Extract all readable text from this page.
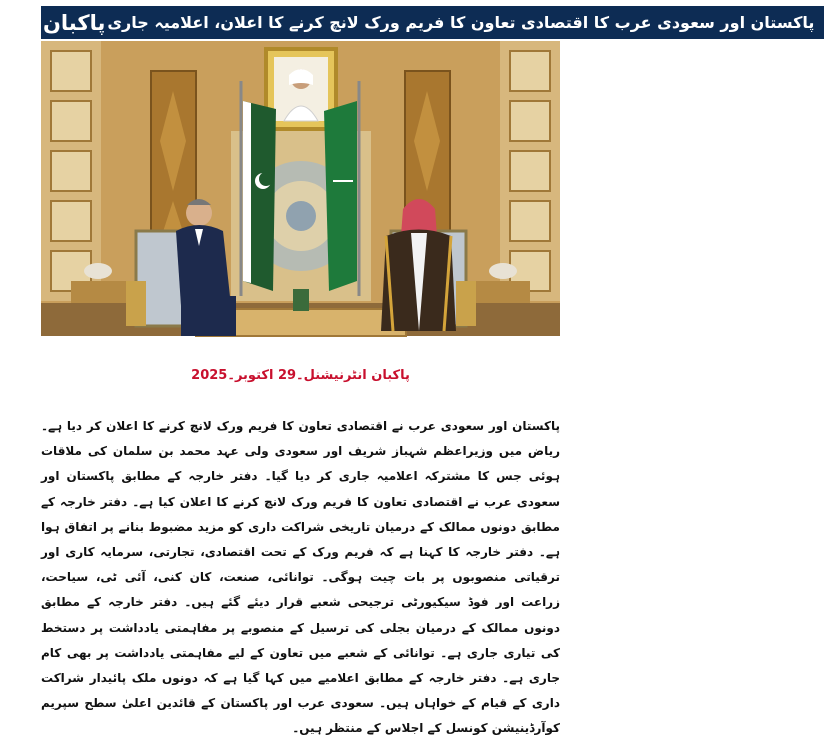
پاکبان پاکستان اور سعودی عرب کا اقتصادی تعاون کا فریم ورک لانچ کرنے کا اعلان، اعلامیہ جاری
پاکبان انٹرنیشنل۔29 اکتوبر۔2025
پاکستان اور سعودی عرب نے اقتصادی تعاون کا فریم ورک لانچ کرنے کا اعلان کر دیا ہے۔ ریاض میں وزیراعظم شہباز شریف اور سعودی ولی عہد محمد بن سلمان کی ملاقات ہوئی جس کا مشترکہ اعلامیہ جاری کر دیا گیا۔ دفتر خارجہ کے مطابق پاکستان اور سعودی عرب نے اقتصادی تعاون کا فریم ورک لانچ کرنے کا اعلان کیا ہے۔ دفتر خارجہ کے مطابق دونوں ممالک کے درمیان تاریخی شراکت داری کو مزید مضبوط بنانے پر اتفاق ہوا ہے۔ دفتر خارجہ کا کہنا ہے کہ فریم ورک کے تحت اقتصادی، تجارتی، سرمایہ کاری اور ترقیاتی منصوبوں پر بات چیت ہوگی۔ توانائی، صنعت، کان کنی، آئی ٹی، سیاحت، زراعت اور فوڈ سیکیورٹی ترجیحی شعبے قرار دیئے گئے ہیں۔ دفتر خارجہ کے مطابق دونوں ممالک کے درمیان بجلی کی ترسیل کے منصوبے پر مفاہمتی یادداشت پر دستخط کی تیاری جاری ہے۔ توانائی کے شعبے میں تعاون کے لیے مفاہمتی یادداشت پر بھی کام جاری ہے۔ دفتر خارجہ کے مطابق اعلامیے میں کہا گیا ہے کہ دونوں ملک پائیدار شراکت داری کے قیام کے خواہاں ہیں۔ سعودی عرب اور پاکستان کے قائدین اعلیٰ سطح سپریم کوآرڈینیشن کونسل کے اجلاس کے منتظر ہیں۔
